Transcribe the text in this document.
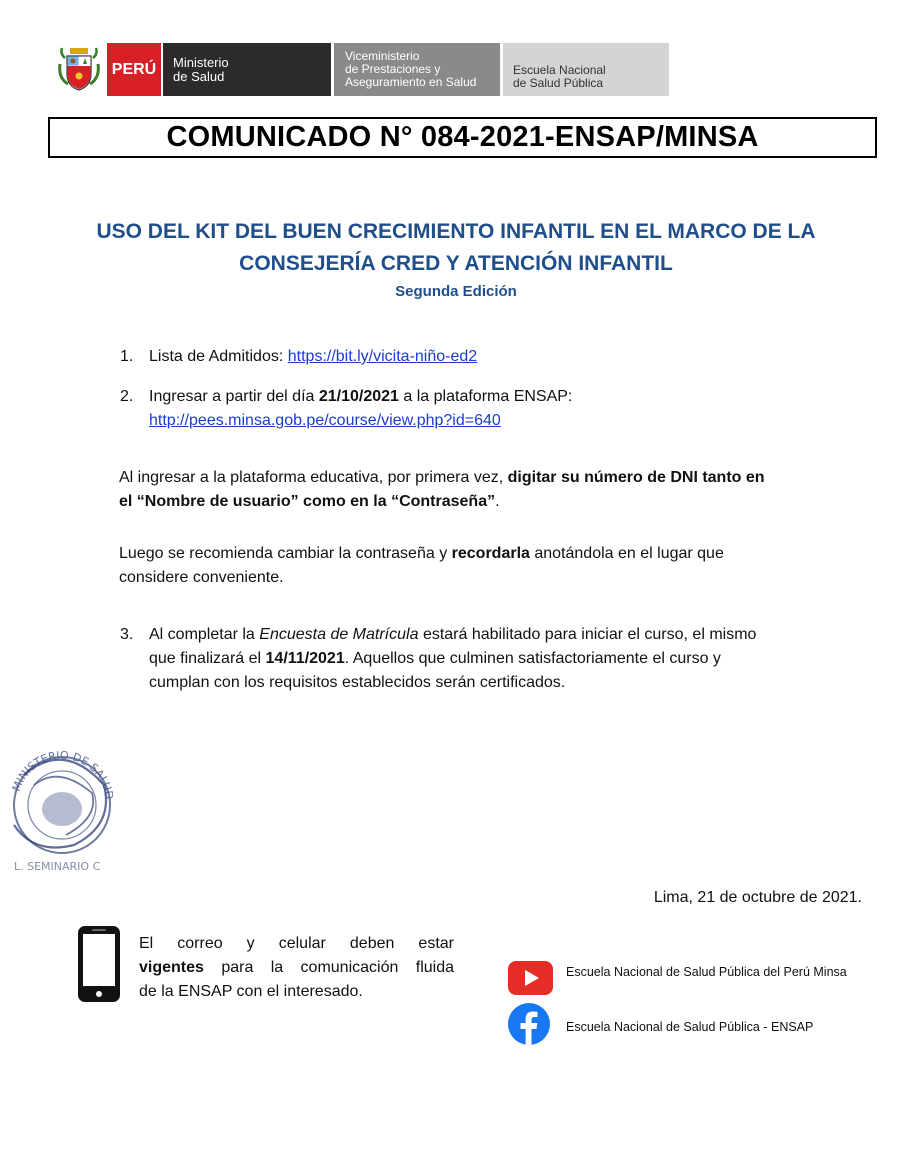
PERÚ Ministerio
de Salud
Viceministerio
de Prestaciones y
Aseguramiento en Salud
Escuela Nacional
de Salud Pública
COMUNICADO N° 084-2021-ENSAP/MINSA
USO DEL KIT DEL BUEN CRECIMIENTO INFANTIL EN EL MARCO DE LA
CONSEJERÍA CRED Y ATENCIÓN INFANTIL
Segunda Edición
1. Lista de Admitidos: https://bit.ly/vicita-niño-ed2
2. Ingresar a partir del día 21/10/2021 a la plataforma ENSAP:
http://pees.minsa.gob.pe/course/view.php?id=640
Al ingresar a la plataforma educativa, por primera vez, digitar su número de DNI tanto en
el “Nombre de usuario” como en la “Contraseña”.
Luego se recomienda cambiar la contraseña y recordarla anotándola en el lugar que
considere conveniente.
3. Al completar la Encuesta de Matrícula estará habilitado para iniciar el curso, el mismo
que finalizará el 14/11/2021. Aquellos que culminen satisfactoriamente el curso y
cumplan con los requisitos establecidos serán certificados.
MINISTERIO DE SALUD
L. SEMINARIO C
Lima, 21 de octubre de 2021.
El correo y celular deben estar
vigentes para la comunicación fluida
de la ENSAP con el interesado.
Escuela Nacional de Salud Pública del Perú Minsa
Escuela Nacional de Salud Pública - ENSAP
